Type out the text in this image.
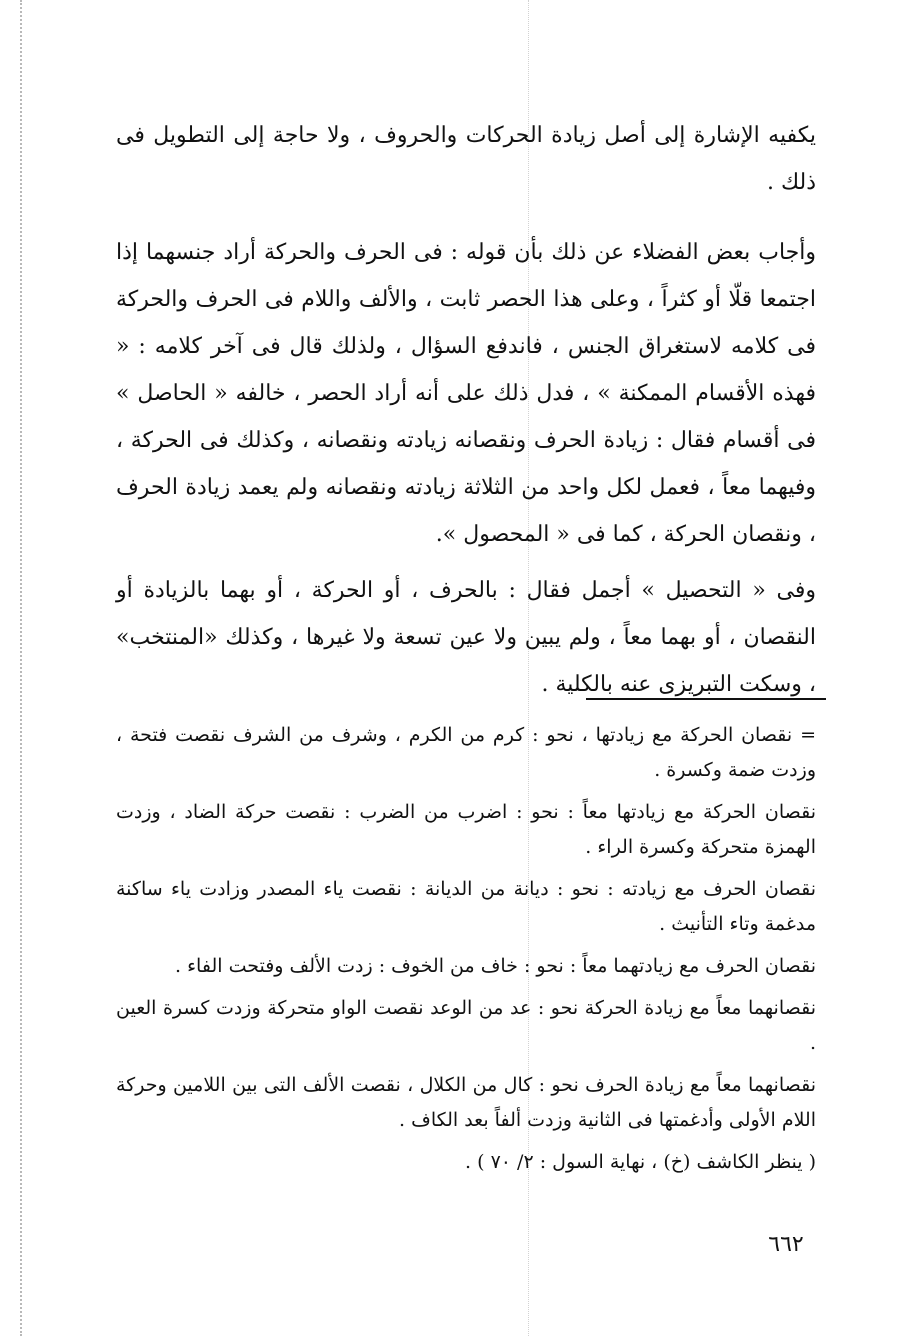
يكفيه الإشارة إلى أصل زيادة الحركات والحروف ، ولا حاجة إلى التطويل فى ذلك .

وأجاب بعض الفضلاء عن ذلك بأن قوله : فى الحرف والحركة أراد جنسهما إذا اجتمعا قلّا أو كثراً ، وعلى هذا الحصر ثابت ، والألف واللام فى الحرف والحركة فى كلامه لاستغراق الجنس ، فاندفع السؤال ، ولذلك قال فى آخر كلامه : « فهذه الأقسام الممكنة » ، فدل ذلك على أنه أراد الحصر ، خالفه « الحاصل » فى أقسام فقال : زيادة الحرف ونقصانه زيادته ونقصانه ، وكذلك فى الحركة ، وفيهما معاً ، فعمل لكل واحد من الثلاثة زيادته ونقصانه ولم يعمد زيادة الحرف ، ونقصان الحركة ، كما فى « المحصول ».

وفى « التحصيل » أجمل فقال : بالحرف ، أو الحركة ، أو بهما بالزيادة أو النقصان ، أو بهما معاً ، ولم يبين ولا عين تسعة ولا غيرها ، وكذلك «المنتخب» ، وسكت التبريزى عنه بالكلية .

= نقصان الحركة مع زيادتها ، نحو : كرم من الكرم ، وشرف من الشرف نقصت فتحة ، وزدت ضمة وكسرة .

نقصان الحركة مع زيادتها معاً : نحو : اضرب من الضرب : نقصت حركة الضاد ، وزدت الهمزة متحركة وكسرة الراء .

نقصان الحرف مع زيادته : نحو : ديانة من الديانة : نقصت ياء المصدر وزادت ياء ساكنة مدغمة وتاء التأنيث .

نقصان الحرف مع زيادتهما معاً : نحو : خاف من الخوف : زدت الألف وفتحت الفاء .

نقصانهما معاً مع زيادة الحركة نحو : عد من الوعد نقصت الواو متحركة وزدت كسرة العين .

نقصانهما معاً مع زيادة الحرف نحو : كال من الكلال ، نقصت الألف التى بين اللامين وحركة اللام الأولى وأدغمتها فى الثانية وزدت ألفاً بعد الكاف .

( ينظر الكاشف (خ) ، نهاية السول : ٢/ ٧٠ ) .

٦٦٢
